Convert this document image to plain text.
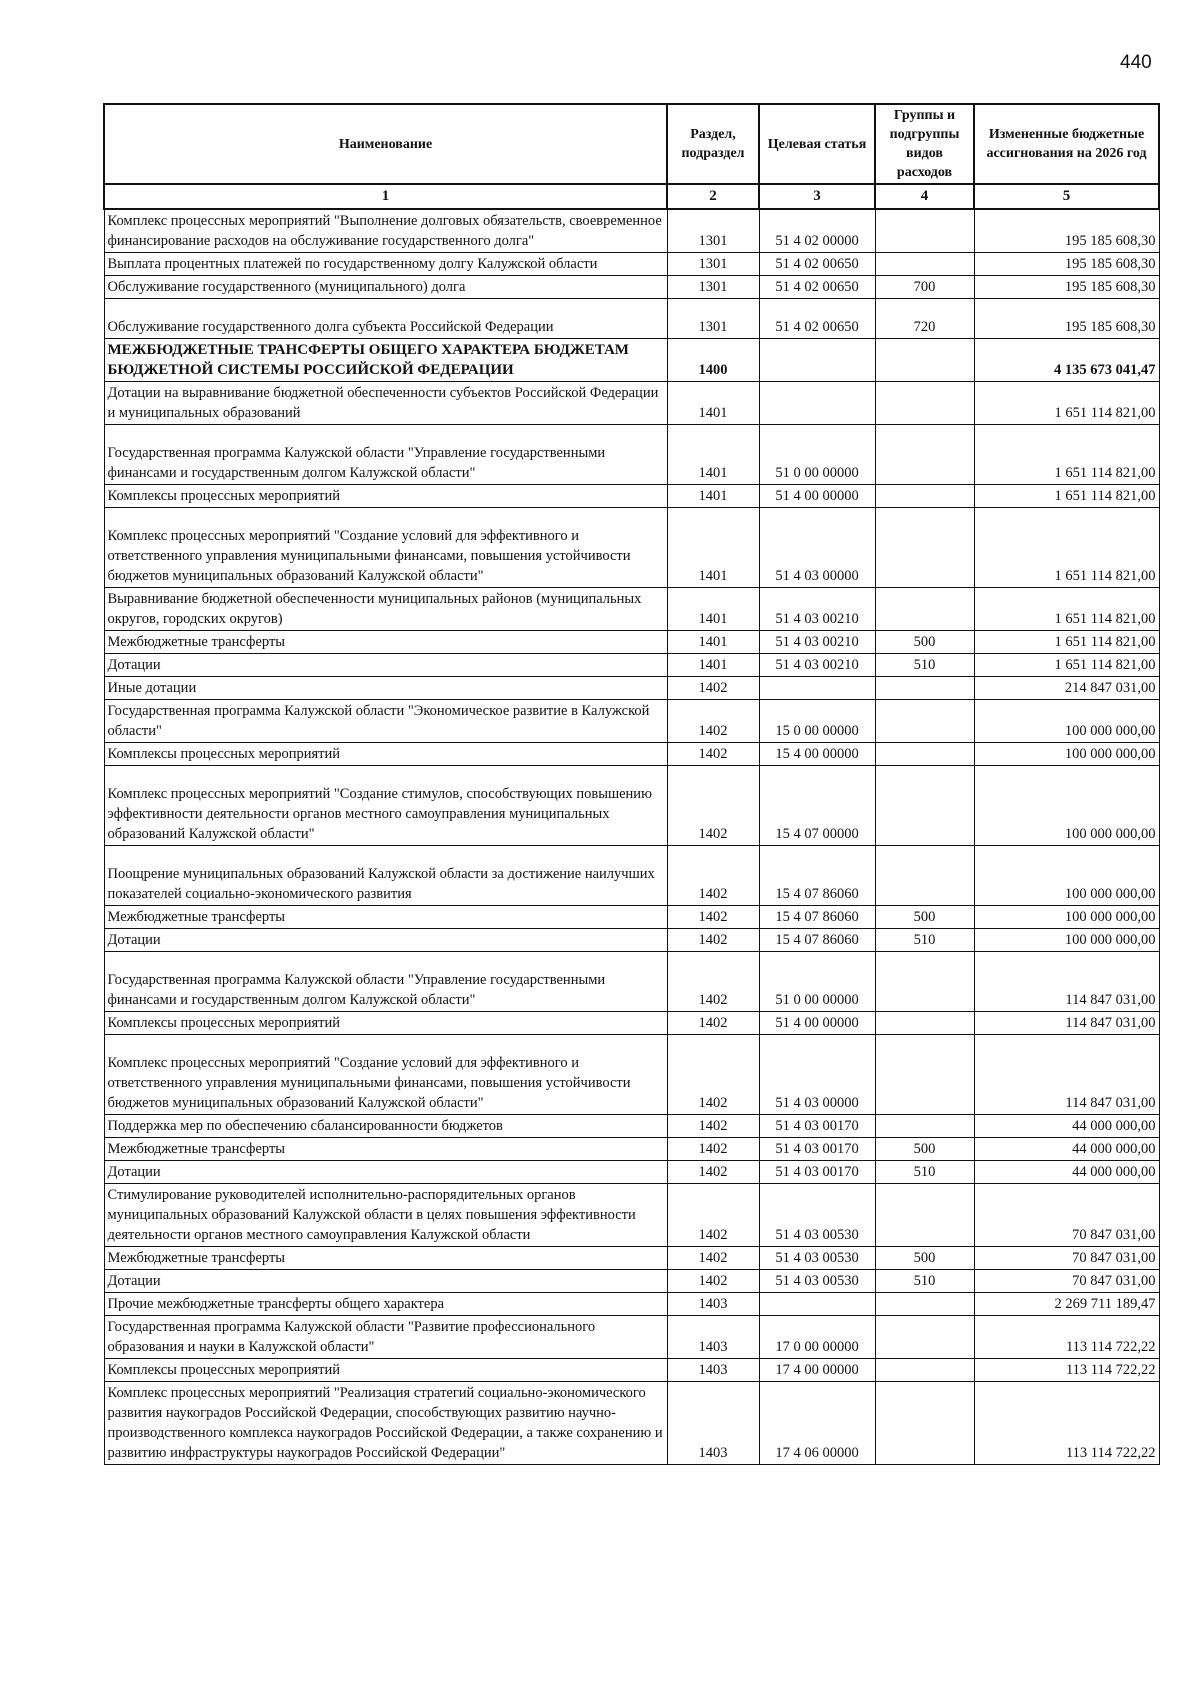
440
Наименование	Раздел, подраздел	Целевая статья	Группы и подгруппы видов расходов	Измененные бюджетные ассигнования на 2026 год
1	2	3	4	5
Комплекс процессных мероприятий "Выполнение долговых обязательств, своевременное финансирование расходов на обслуживание государственного долга"	1301	51 4 02 00000		195 185 608,30
Выплата процентных платежей по государственному долгу Калужской области	1301	51 4 02 00650		195 185 608,30
Обслуживание государственного (муниципального) долга	1301	51 4 02 00650	700	195 185 608,30
Обслуживание государственного долга субъекта Российской Федерации	1301	51 4 02 00650	720	195 185 608,30
МЕЖБЮДЖЕТНЫЕ ТРАНСФЕРТЫ ОБЩЕГО ХАРАКТЕРА БЮДЖЕТАМ БЮДЖЕТНОЙ СИСТЕМЫ РОССИЙСКОЙ ФЕДЕРАЦИИ	1400			4 135 673 041,47
Дотации на выравнивание бюджетной обеспеченности субъектов Российской Федерации и муниципальных образований	1401			1 651 114 821,00
Государственная программа Калужской области "Управление государственными финансами и государственным долгом Калужской области"	1401	51 0 00 00000		1 651 114 821,00
Комплексы процессных мероприятий	1401	51 4 00 00000		1 651 114 821,00
Комплекс процессных мероприятий "Создание условий для эффективного и ответственного управления муниципальными финансами, повышения устойчивости бюджетов муниципальных образований Калужской области"	1401	51 4 03 00000		1 651 114 821,00
Выравнивание бюджетной обеспеченности муниципальных районов (муниципальных округов, городских округов)	1401	51 4 03 00210		1 651 114 821,00
Межбюджетные трансферты	1401	51 4 03 00210	500	1 651 114 821,00
Дотации	1401	51 4 03 00210	510	1 651 114 821,00
Иные дотации	1402			214 847 031,00
Государственная программа Калужской области "Экономическое развитие в Калужской области"	1402	15 0 00 00000		100 000 000,00
Комплексы процессных мероприятий	1402	15 4 00 00000		100 000 000,00
Комплекс процессных мероприятий "Создание стимулов, способствующих повышению эффективности деятельности органов местного самоуправления муниципальных образований Калужской области"	1402	15 4 07 00000		100 000 000,00
Поощрение муниципальных образований Калужской области за достижение наилучших показателей социально-экономического развития	1402	15 4 07 86060		100 000 000,00
Межбюджетные трансферты	1402	15 4 07 86060	500	100 000 000,00
Дотации	1402	15 4 07 86060	510	100 000 000,00
Государственная программа Калужской области "Управление государственными финансами и государственным долгом Калужской области"	1402	51 0 00 00000		114 847 031,00
Комплексы процессных мероприятий	1402	51 4 00 00000		114 847 031,00
Комплекс процессных мероприятий "Создание условий для эффективного и ответственного управления муниципальными финансами, повышения устойчивости бюджетов муниципальных образований Калужской области"	1402	51 4 03 00000		114 847 031,00
Поддержка мер по обеспечению сбалансированности бюджетов	1402	51 4 03 00170		44 000 000,00
Межбюджетные трансферты	1402	51 4 03 00170	500	44 000 000,00
Дотации	1402	51 4 03 00170	510	44 000 000,00
Стимулирование руководителей исполнительно-распорядительных органов муниципальных образований Калужской области в целях повышения эффективности деятельности органов местного самоуправления Калужской области	1402	51 4 03 00530		70 847 031,00
Межбюджетные трансферты	1402	51 4 03 00530	500	70 847 031,00
Дотации	1402	51 4 03 00530	510	70 847 031,00
Прочие межбюджетные трансферты общего характера	1403			2 269 711 189,47
Государственная программа Калужской области "Развитие профессионального образования и науки в Калужской области"	1403	17 0 00 00000		113 114 722,22
Комплексы процессных мероприятий	1403	17 4 00 00000		113 114 722,22
Комплекс процессных мероприятий "Реализация стратегий социально-экономического развития наукоградов Российской Федерации, способствующих развитию научно-производственного комплекса наукоградов Российской Федерации, а также сохранению и развитию инфраструктуры наукоградов Российской Федерации"	1403	17 4 06 00000		113 114 722,22
